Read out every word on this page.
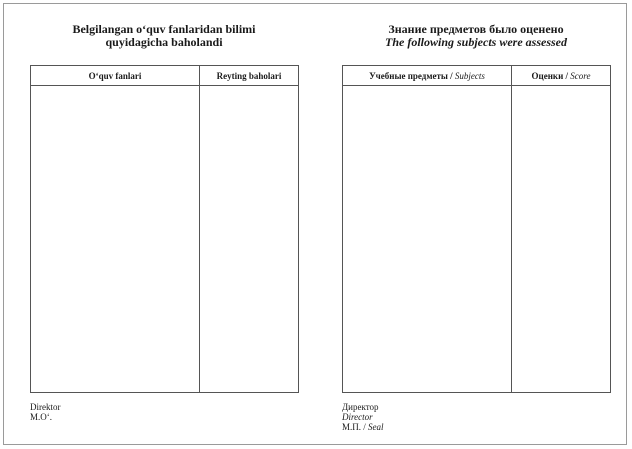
Belgilangan o‘quv fanlaridan bilimi
quyidagicha baholandi
Знание предметов было оценено
The following subjects were assessed
O‘quv fanlari	Reyting baholari
		Учебные предметы / Subjects	Оценки / Score

Direktor
M.O‘.
Директор
Director
М.П. / Seal
